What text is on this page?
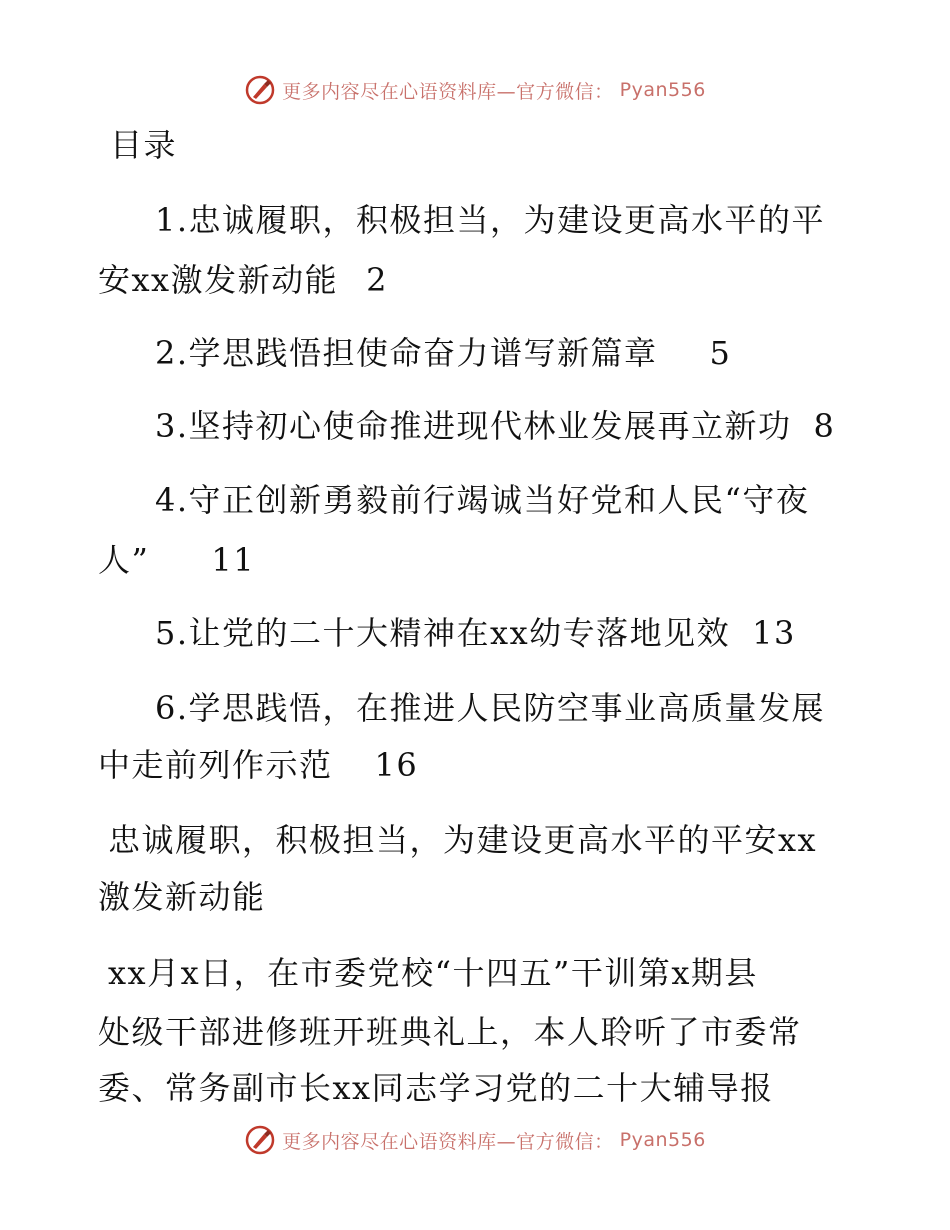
更多内容尽在心语资料库—官方微信： Pyan556
目录
1.忠诚履职，积极担当，为建设更高水平的平
安xx激发新动能 2
2.学思践悟担使命奋力谱写新篇章 5
3.坚持初心使命推进现代林业发展再立新功 8
4.守正创新勇毅前行竭诚当好党和人民“守夜
人” 11
5.让党的二十大精神在xx幼专落地见效 13
6.学思践悟，在推进人民防空事业高质量发展
中走前列作示范 16
忠诚履职，积极担当，为建设更高水平的平安xx
激发新动能
xx月x日，在市委党校“十四五”干训第x期县
处级干部进修班开班典礼上，本人聆听了市委常
委、常务副市长xx同志学习党的二十大辅导报
更多内容尽在心语资料库—官方微信： Pyan556
